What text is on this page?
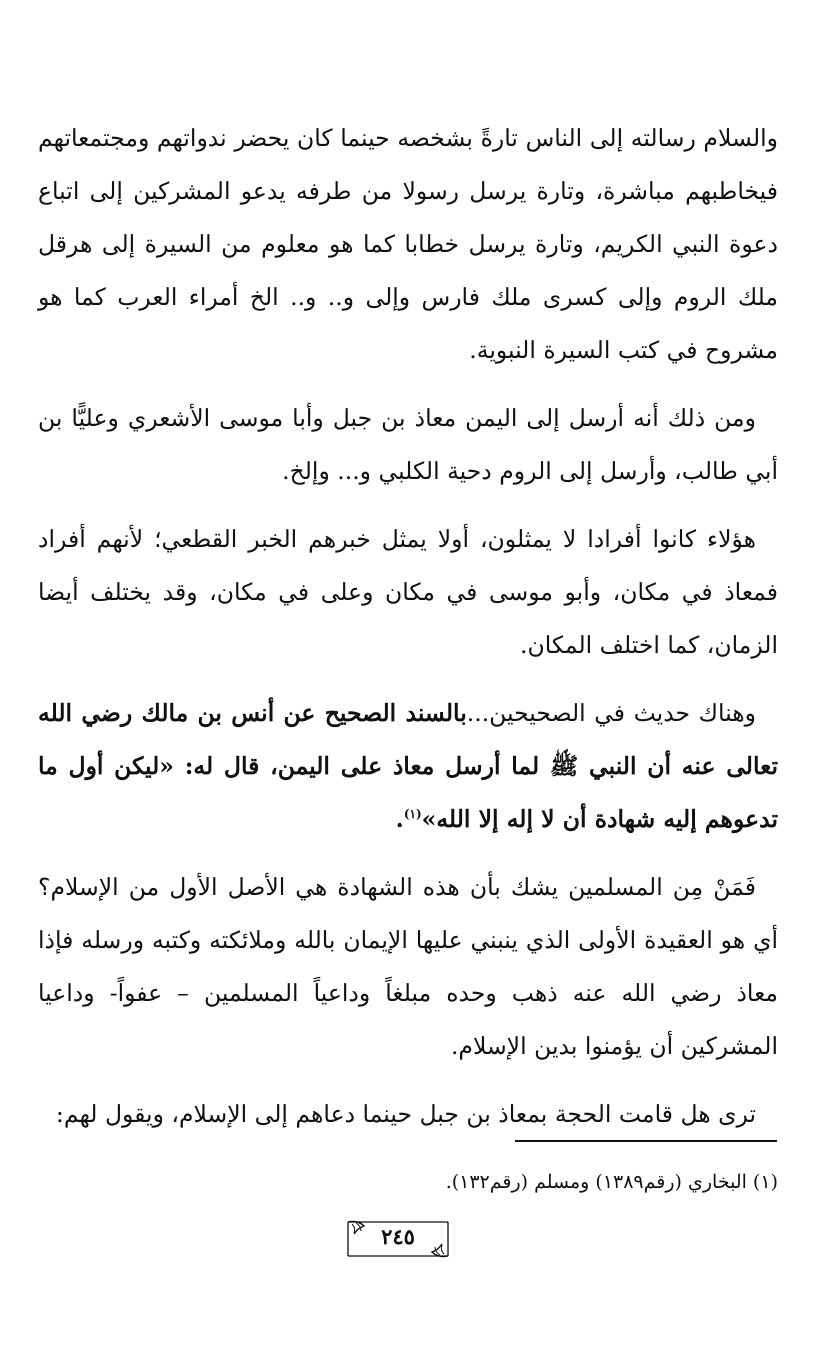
والسلام رسالته إلى الناس تارةً بشخصه حينما كان يحضر ندواتهم ومجتمعاتهم فيخاطبهم مباشرة، وتارة يرسل رسولا من طرفه يدعو المشركين إلى اتباع دعوة النبي الكريم، وتارة يرسل خطابا كما هو معلوم من السيرة إلى هرقل ملك الروم وإلى كسرى ملك فارس وإلى و.. و.. الخ أمراء العرب كما هو مشروح في كتب السيرة النبوية.

ومن ذلك أنه أرسل إلى اليمن معاذ بن جبل وأبا موسى الأشعري وعليًّا بن أبي طالب، وأرسل إلى الروم دحية الكلبي و... وإلخ.

هؤلاء كانوا أفرادا لا يمثلون، أولا يمثل خبرهم الخبر القطعي؛ لأنهم أفراد فمعاذ في مكان، وأبو موسى في مكان وعلى في مكان، وقد يختلف أيضا الزمان، كما اختلف المكان.

وهناك حديث في الصحيحين...بالسند الصحيح عن أنس بن مالك رضي الله تعالى عنه أن النبي ﷺ لما أرسل معاذ على اليمن، قال له: «ليكن أول ما تدعوهم إليه شهادة أن لا إله إلا الله»$^{(١)}$.

فَمَنْ مِن المسلمين يشك بأن هذه الشهادة هي الأصل الأول من الإسلام؟ أي هو العقيدة الأولى الذي ينبني عليها الإيمان بالله وملائكته وكتبه ورسله فإذا معاذ رضي الله عنه ذهب وحده مبلغاً وداعياً المسلمين – عفواً- وداعيا المشركين أن يؤمنوا بدين الإسلام.

ترى هل قامت الحجة بمعاذ بن جبل حينما دعاهم إلى الإسلام، ويقول لهم:

(١) البخاري (رقم١٣٨٩) ومسلم (رقم١٣٢).
٢٤٥
